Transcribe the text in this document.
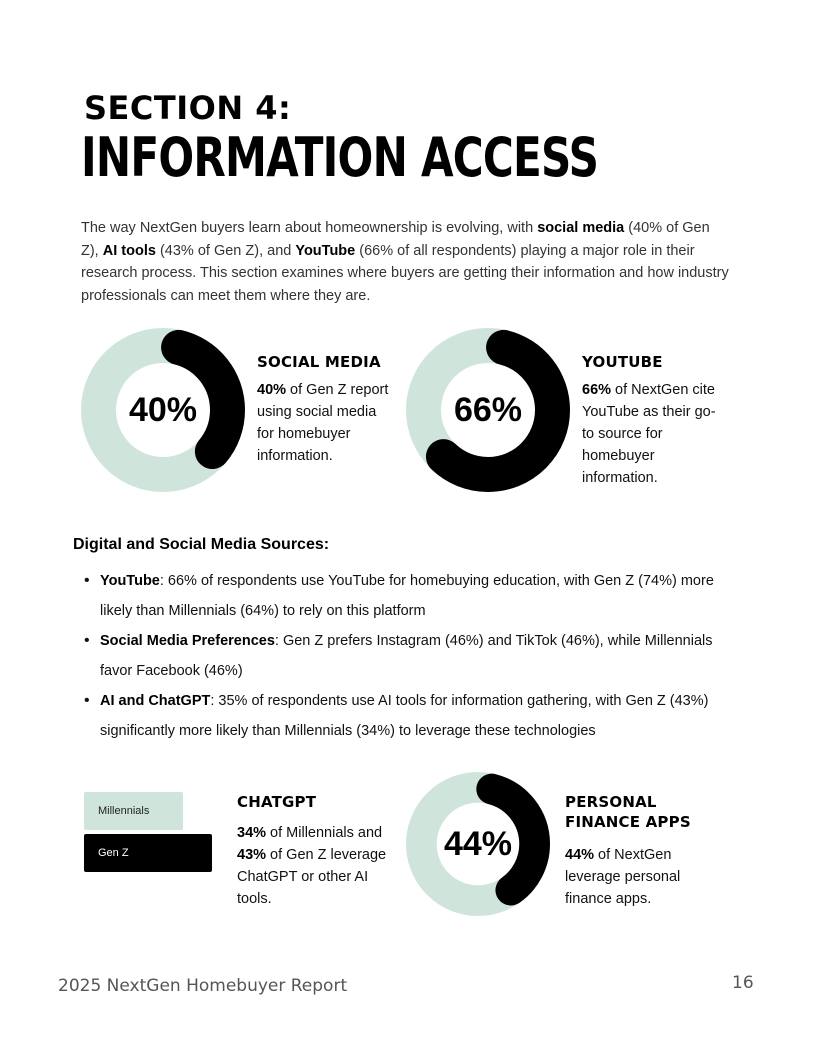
SECTION 4:
INFORMATION ACCESS
The way NextGen buyers learn about homeownership is evolving, with social media (40% of Gen Z), AI tools (43% of Gen Z), and YouTube (66% of all respondents) playing a major role in their research process. This section examines where buyers are getting their information and how industry professionals can meet them where they are.
40%
SOCIAL MEDIA
40% of Gen Z report using social media for homebuyer information.
66%
YOUTUBE
66% of NextGen cite YouTube as their go-to source for homebuyer information.
Digital and Social Media Sources:
• YouTube: 66% of respondents use YouTube for homebuying education, with Gen Z (74%) more likely than Millennials (64%) to rely on this platform
• Social Media Preferences: Gen Z prefers Instagram (46%) and TikTok (46%), while Millennials favor Facebook (46%)
• AI and ChatGPT: 35% of respondents use AI tools for information gathering, with Gen Z (43%) significantly more likely than Millennials (34%) to leverage these technologies
Millennials
Gen Z
CHATGPT
34% of Millennials and 43% of Gen Z leverage ChatGPT or other AI tools.
44%
PERSONAL FINANCE APPS
44% of NextGen leverage personal finance apps.
2025 NextGen Homebuyer Report	16
